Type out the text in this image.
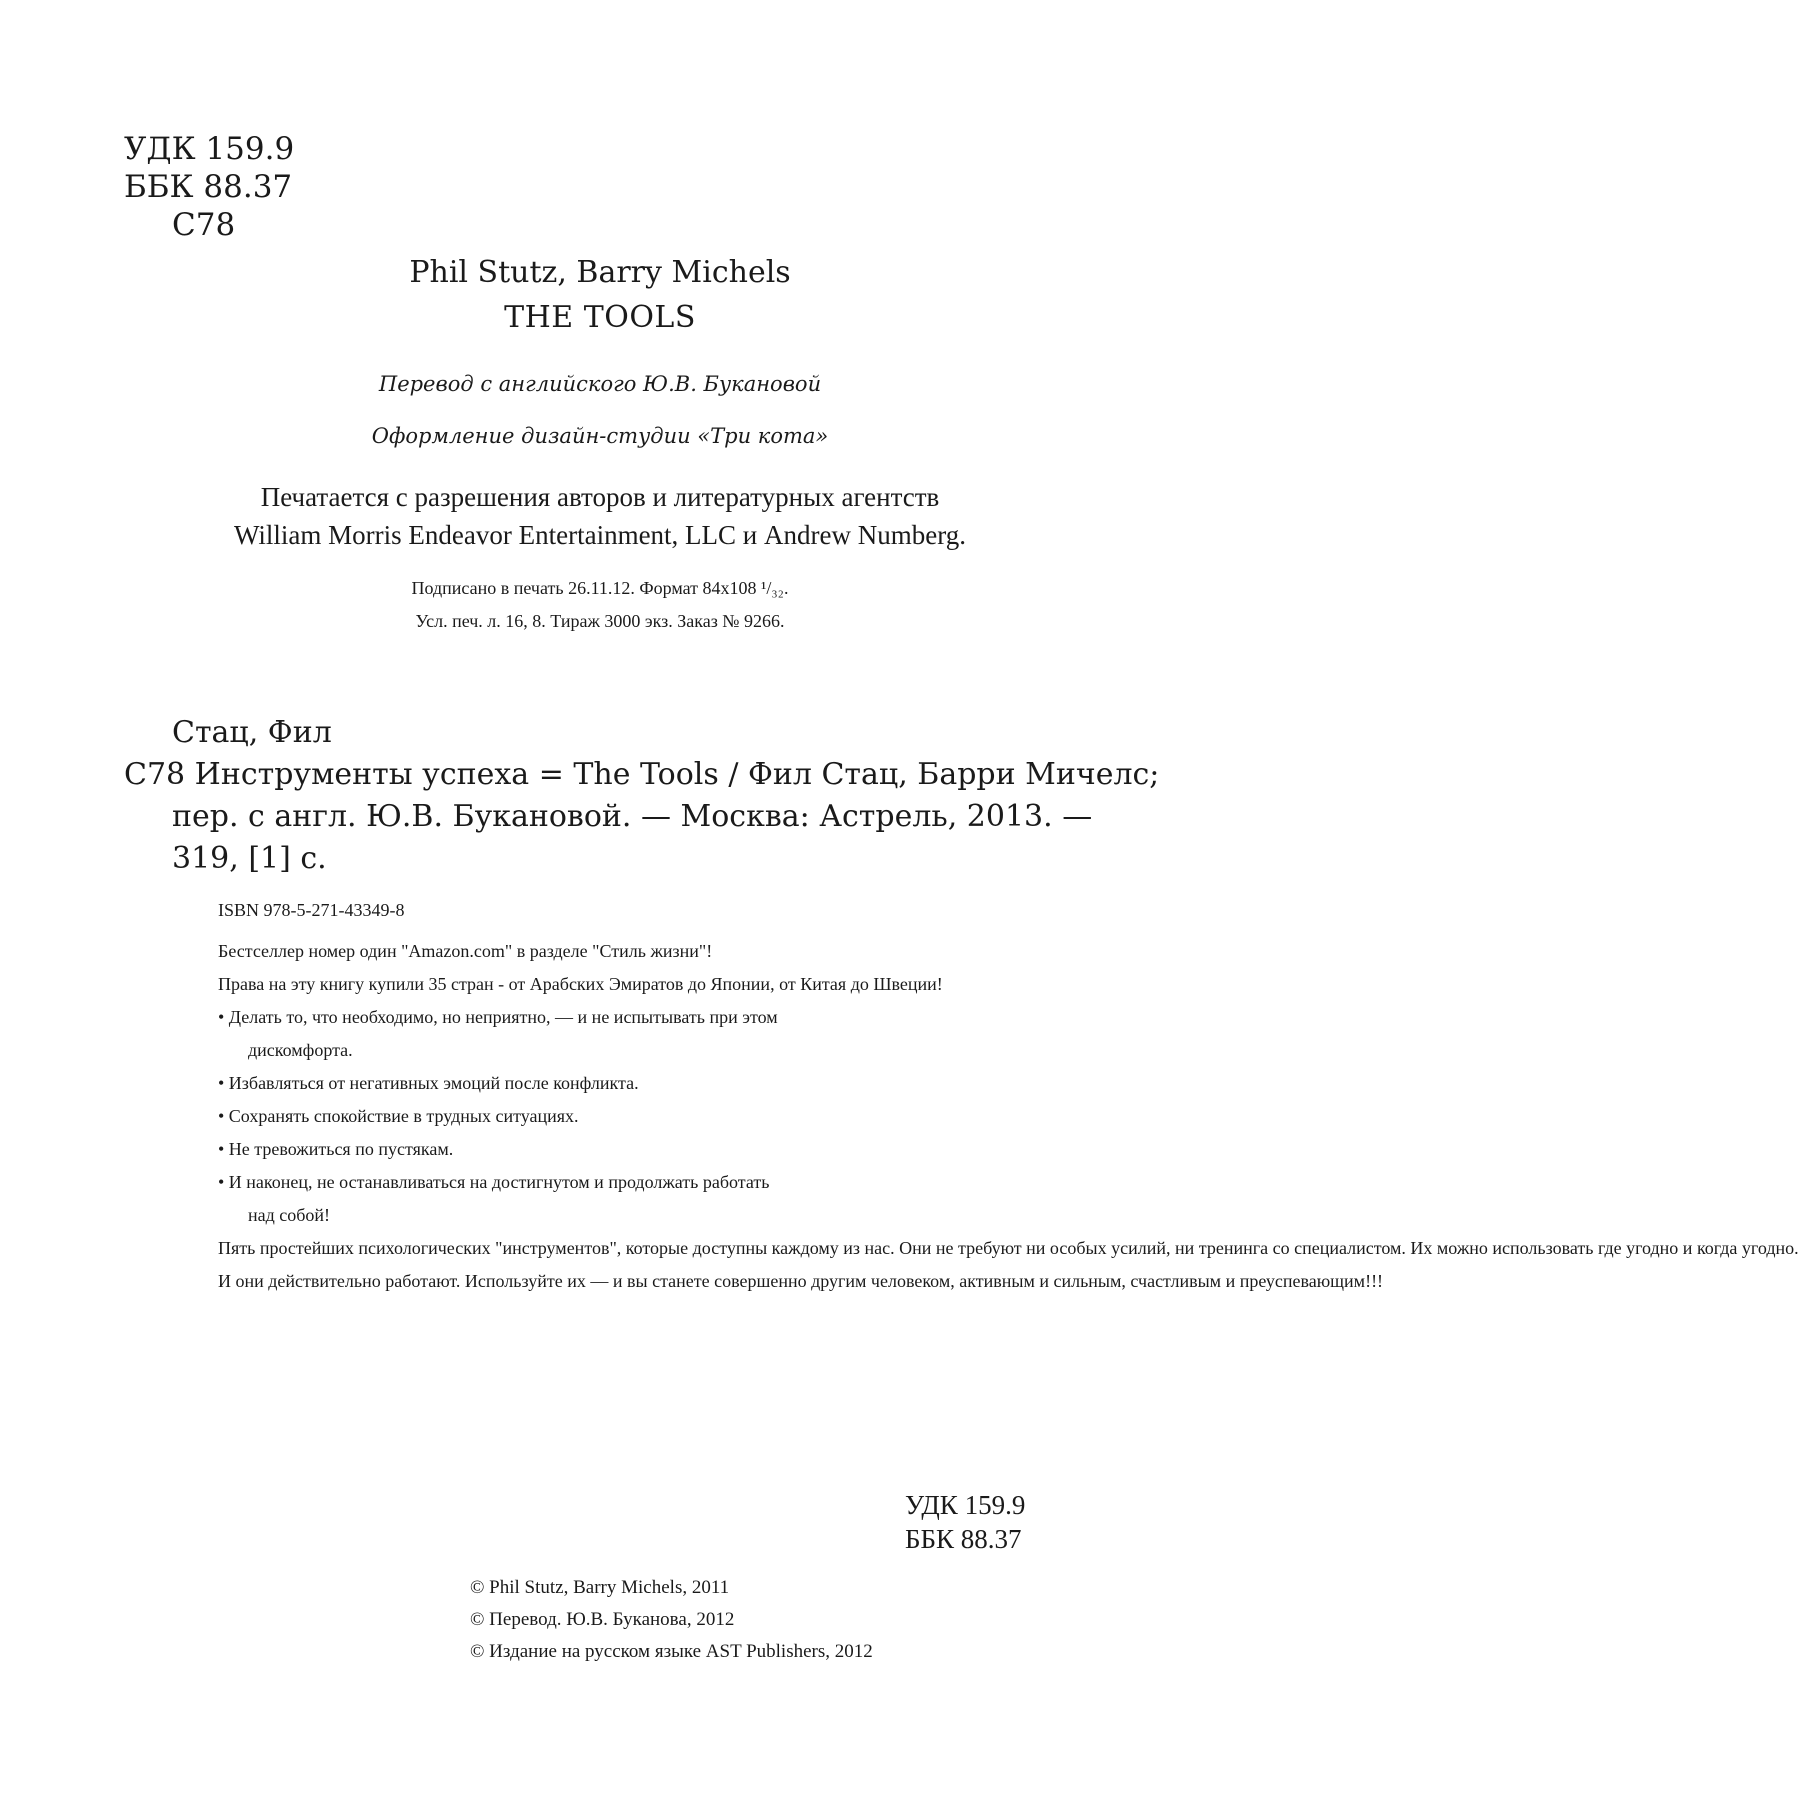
УДК 159.9
ББК 88.37
С78
Phil Stutz, Barry Michels
THE TOOLS
Перевод с английского Ю.В. Букановой
Оформление дизайн-студии «Три кота»
Печатается с разрешения авторов и литературных агентств
William Morris Endeavor Entertainment, LLC и Andrew Numberg.
Подписано в печать 26.11.12. Формат 84x108 ¹/₃₂.
Усл. печ. л. 16, 8. Тираж 3000 экз. Заказ № 9266.
Стац, Фил
С78 Инструменты успеха = The Tools / Фил Стац, Барри Мичелс;
пер. с англ. Ю.В. Букановой. — Москва: Астрель, 2013. —
319, [1] с.
ISBN 978-5-271-43349-8

Бестселлер номер один "Amazon.com" в разделе "Стиль жизни"!

Права на эту книгу купили 35 стран - от Арабских Эмиратов до Японии, от Китая до Швеции!

• Делать то, что необходимо, но неприятно, — и не испытывать при этом
дискомфорта.

• Избавляться от негативных эмоций после конфликта.

• Сохранять спокойствие в трудных ситуациях.

• Не тревожиться по пустякам.

• И наконец, не останавливаться на достигнутом и продолжать работать
над собой!

Пять простейших психологических "инструментов", которые доступны каждому из нас. Они не требуют ни особых усилий, ни тренинга со специалистом. Их можно использовать где угодно и когда угодно.

И они действительно работают. Используйте их — и вы станете совершенно другим человеком, активным и сильным, счастливым и преуспевающим!!!

УДК 159.9
ББК 88.37
© Phil Stutz, Barry Michels, 2011
© Перевод. Ю.В. Буканова, 2012
© Издание на русском языке AST Publishers, 2012
